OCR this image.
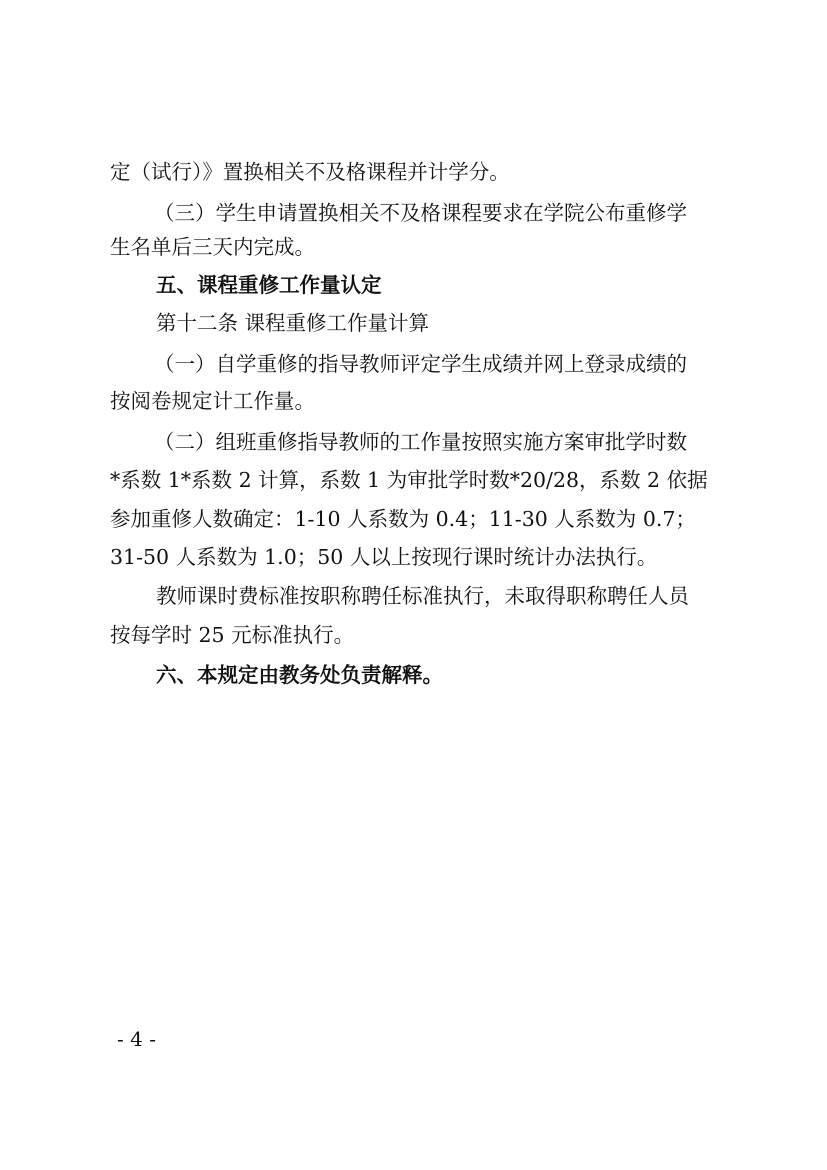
定（试行）》置换相关不及格课程并计学分。
（三）学生申请置换相关不及格课程要求在学院公布重修学
生名单后三天内完成。
五、课程重修工作量认定
第十二条 课程重修工作量计算
（一）自学重修的指导教师评定学生成绩并网上登录成绩的
按阅卷规定计工作量。
（二）组班重修指导教师的工作量按照实施方案审批学时数
*系数 1*系数 2 计算，系数 1 为审批学时数*20/28，系数 2 依据
参加重修人数确定：1-10 人系数为 0.4；11-30 人系数为 0.7；
31-50 人系数为 1.0；50 人以上按现行课时统计办法执行。
教师课时费标准按职称聘任标准执行，未取得职称聘任人员
按每学时 25 元标准执行。
六、本规定由教务处负责解释。
- 4 -
